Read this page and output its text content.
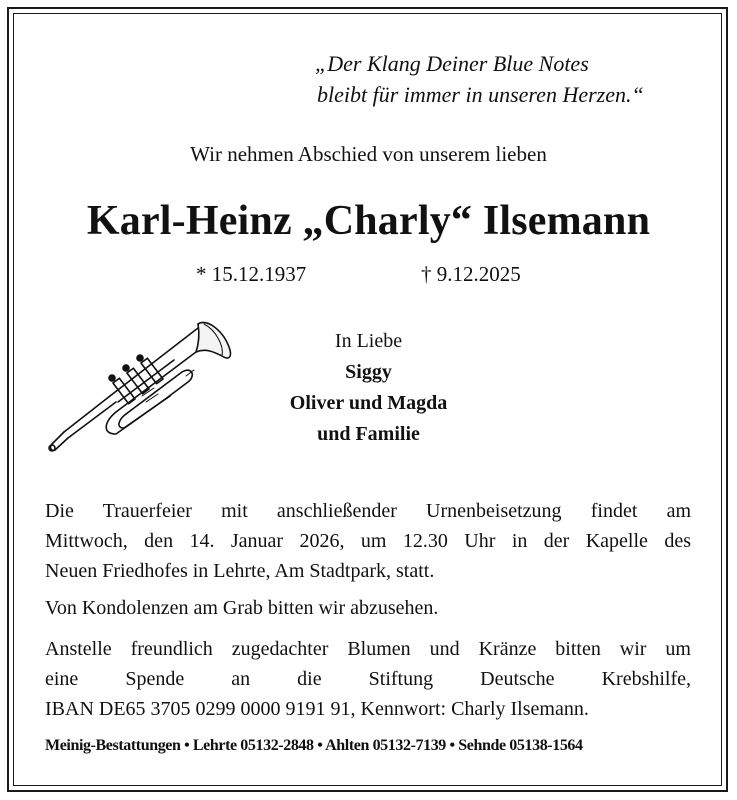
„Der Klang Deiner Blue Notes
bleibt für immer in unseren Herzen.“
Wir nehmen Abschied von unserem lieben
Karl-Heinz „Charly“ Ilsemann
* 15.12.1937	† 9.12.2025
In Liebe
Siggy
Oliver und Magda
und Familie
Die Trauerfeier mit anschließender Urnenbeisetzung findet am
Mittwoch, den 14. Januar 2026, um 12.30 Uhr in der Kapelle des
Neuen Friedhofes in Lehrte, Am Stadtpark, statt.
Von Kondolenzen am Grab bitten wir abzusehen.
Anstelle freundlich zugedachter Blumen und Kränze bitten wir um
eine Spende an die Stiftung Deutsche Krebshilfe,
IBAN DE65 3705 0299 0000 9191 91, Kennwort: Charly Ilsemann.
Meinig-Bestattungen • Lehrte 05132-2848 • Ahlten 05132-7139 • Sehnde 05138-1564
